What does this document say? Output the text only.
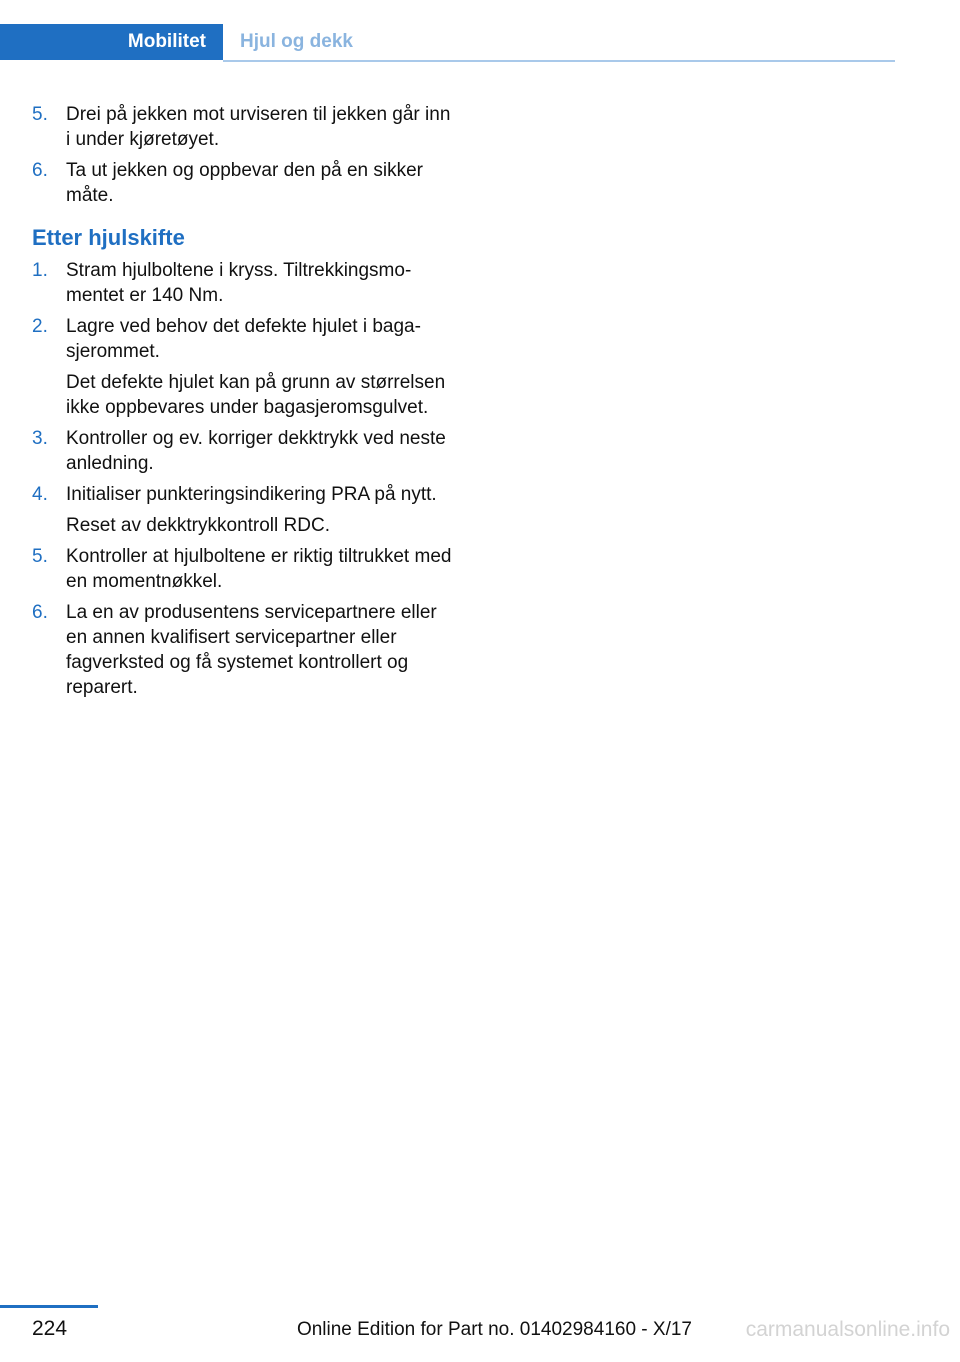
Mobilitet	Hjul og dekk
5. Drei på jekken mot urviseren til jekken går inn i under kjøretøyet.

6. Ta ut jekken og oppbevar den på en sikker måte.

Etter hjulskifte
1. Stram hjulboltene i kryss. Tiltrekkingsmomentet er 140 Nm.

2. Lagre ved behov det defekte hjulet i bagasjerommet.

Det defekte hjulet kan på grunn av størrelsen ikke oppbevares under bagasjeromsgulvet.

3. Kontroller og ev. korriger dekktrykk ved neste anledning.

4. Initialiser punkteringsindikering PRA på nytt.

Reset av dekktrykkontroll RDC.

5. Kontroller at hjulboltene er riktig tiltrukket med en momentnøkkel.

6. La en av produsentens servicepartnere eller en annen kvalifisert servicepartner eller fagverksted og få systemet kontrollert og reparert.

224	Online Edition for Part no. 01402984160 - X/17	carmanualsonline.info
